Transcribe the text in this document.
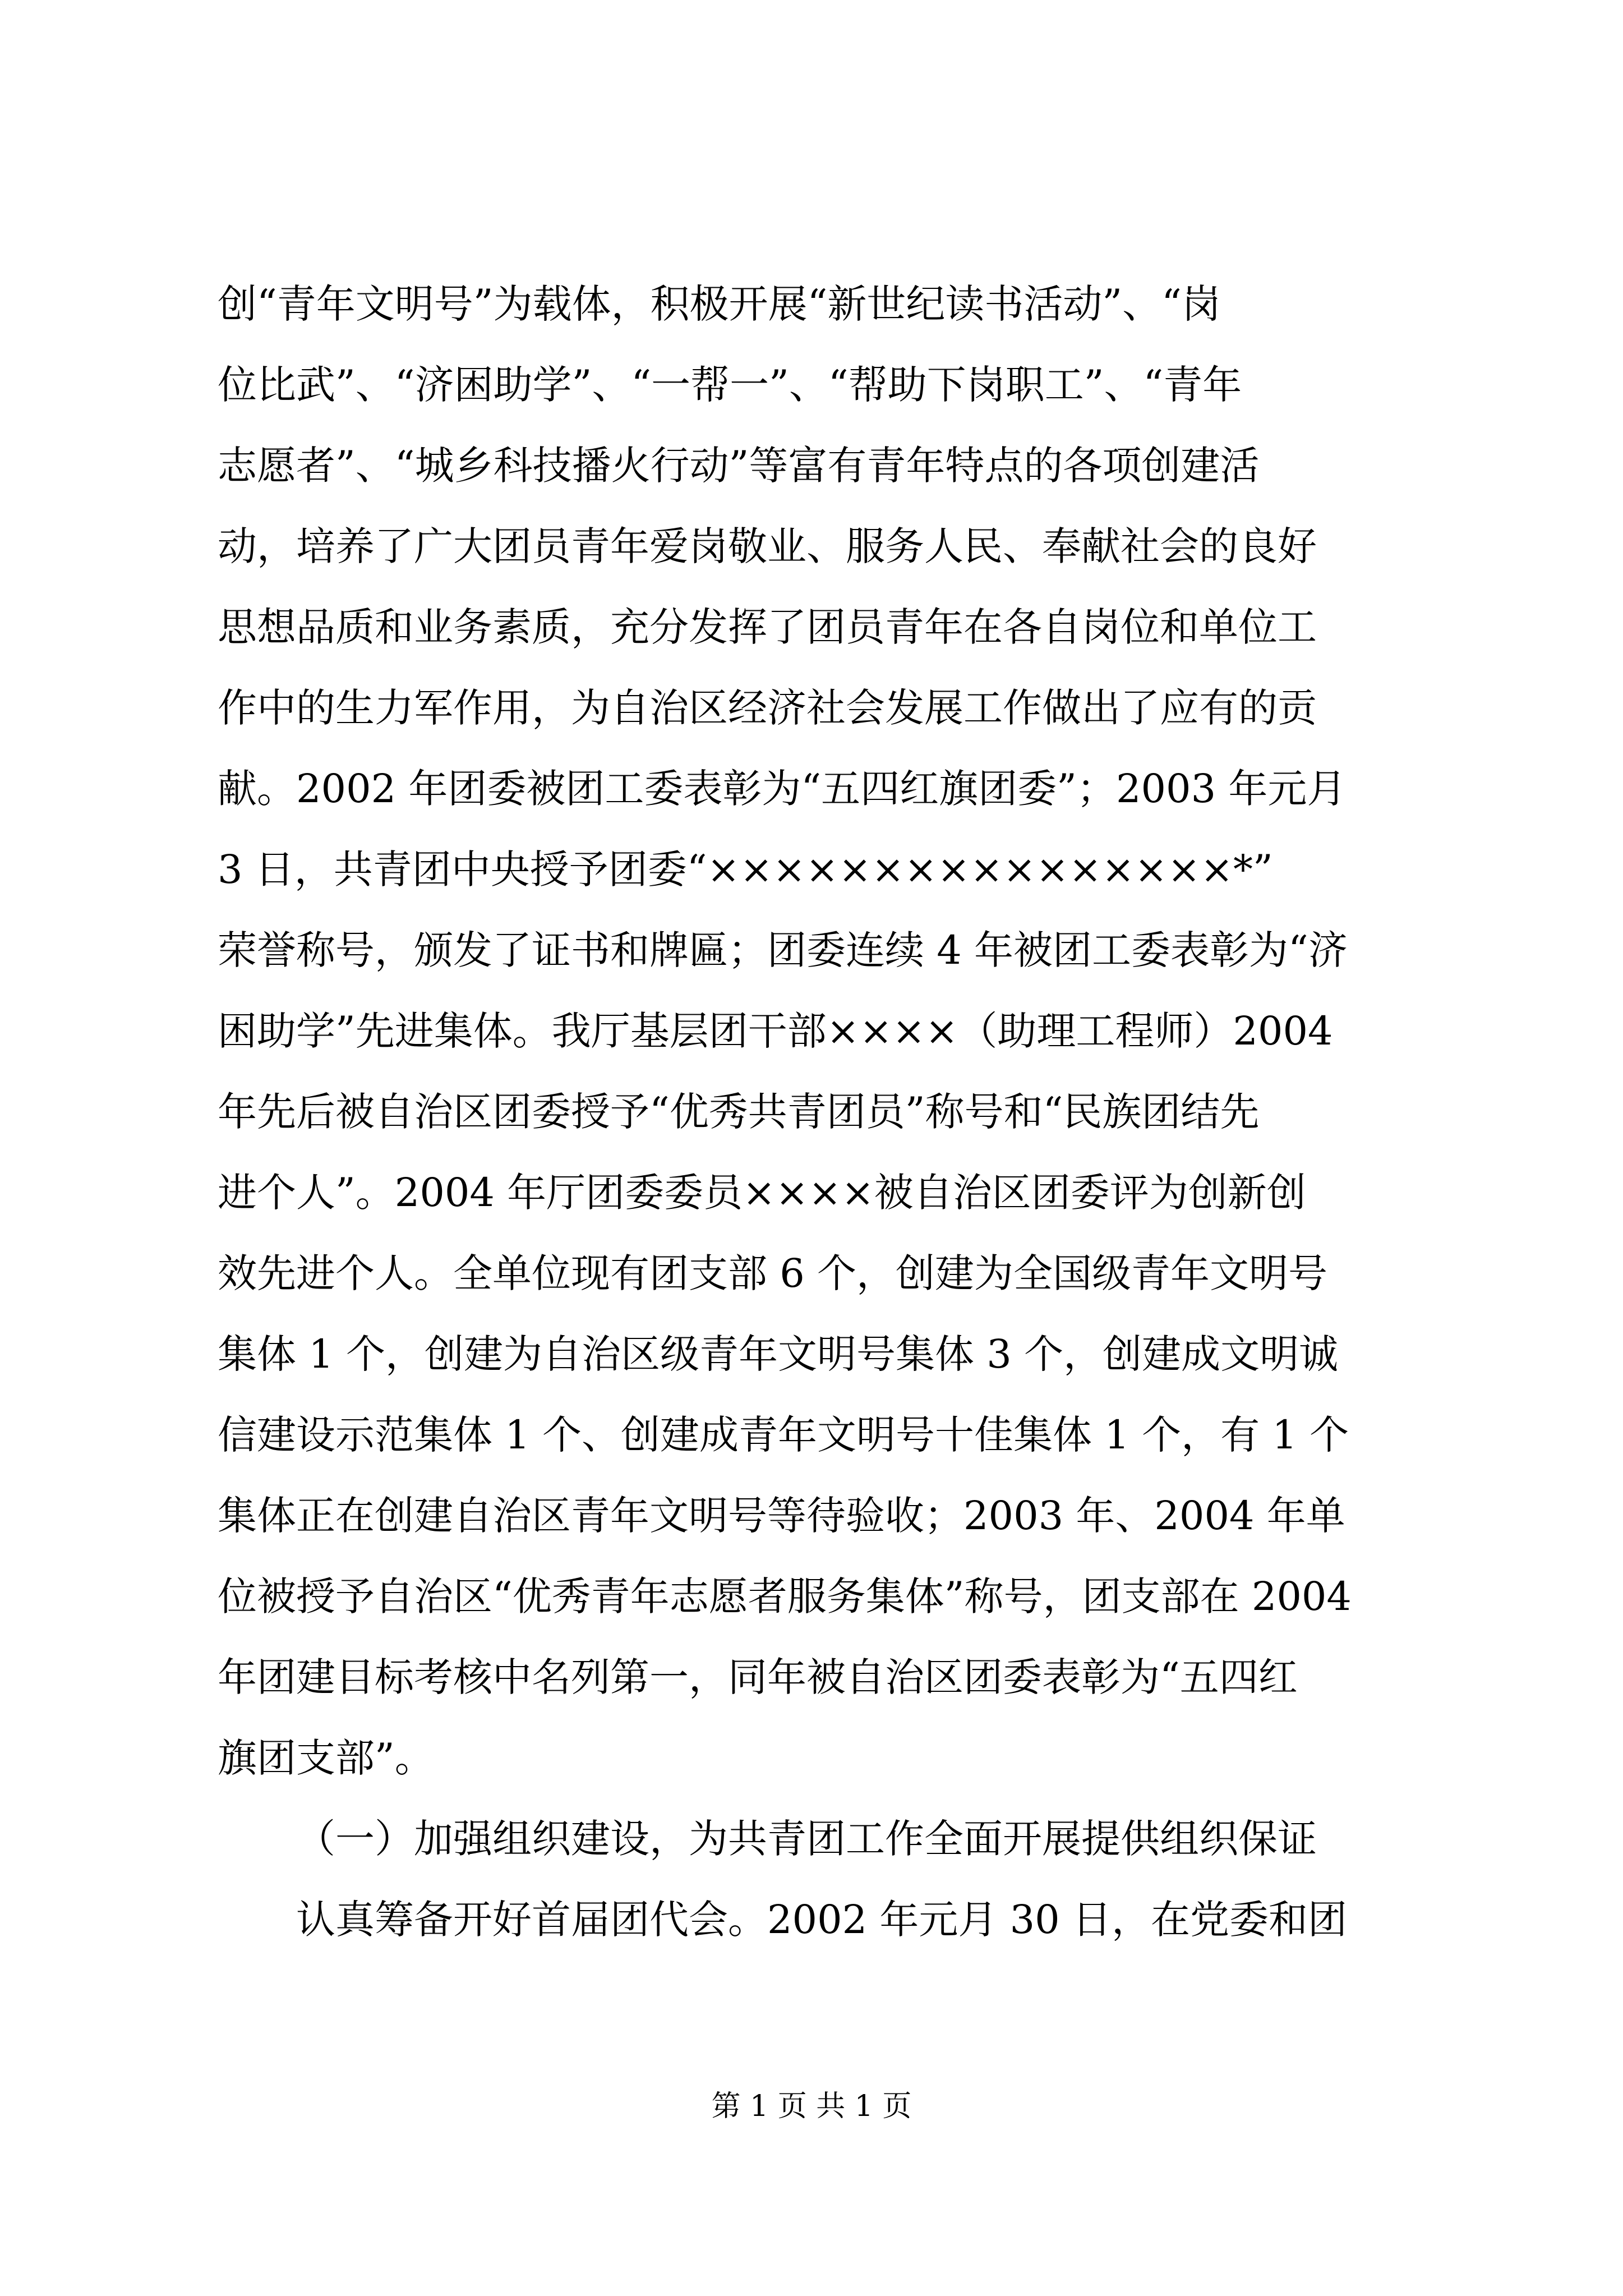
创“青年文明号”为载体，积极开展“新世纪读书活动”、“岗
位比武”、“济困助学”、“一帮一”、“帮助下岗职工”、“青年
志愿者”、“城乡科技播火行动”等富有青年特点的各项创建活
动，培养了广大团员青年爱岗敬业、服务人民、奉献社会的良好
思想品质和业务素质，充分发挥了团员青年在各自岗位和单位工
作中的生力军作用，为自治区经济社会发展工作做出了应有的贡
献。2002 年团委被团工委表彰为“五四红旗团委”；2003 年元月
3 日，共青团中央授予团委“××××××××××××××××*”
荣誉称号，颁发了证书和牌匾；团委连续 4 年被团工委表彰为“济
困助学”先进集体。我厅基层团干部××××（助理工程师）2004
年先后被自治区团委授予“优秀共青团员”称号和“民族团结先
进个人”。2004 年厅团委委员××××被自治区团委评为创新创
效先进个人。全单位现有团支部 6 个，创建为全国级青年文明号
集体 1 个，创建为自治区级青年文明号集体 3 个，创建成文明诚
信建设示范集体 1 个、创建成青年文明号十佳集体 1 个，有 1 个
集体正在创建自治区青年文明号等待验收；2003 年、2004 年单
位被授予自治区“优秀青年志愿者服务集体”称号，团支部在 2004
年团建目标考核中名列第一，同年被自治区团委表彰为“五四红
旗团支部”。
（一）加强组织建设，为共青团工作全面开展提供组织保证
认真筹备开好首届团代会。2002 年元月 30 日，在党委和团
第 1 页 共 1 页
